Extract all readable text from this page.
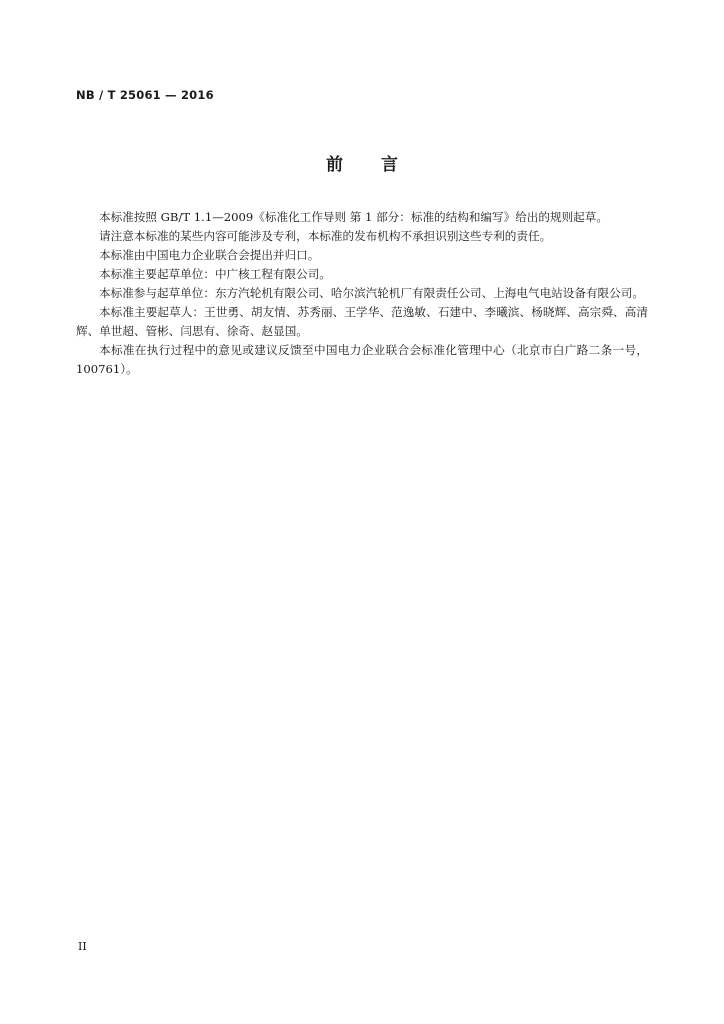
NB / T 25061 — 2016
前言

本标准按照 GB/T 1.1—2009《标准化工作导则 第 1 部分：标准的结构和编写》给出的规则起草。

请注意本标准的某些内容可能涉及专利，本标准的发布机构不承担识别这些专利的责任。

本标准由中国电力企业联合会提出并归口。

本标准主要起草单位：中广核工程有限公司。

本标准参与起草单位：东方汽轮机有限公司、哈尔滨汽轮机厂有限责任公司、上海电气电站设备有限公司。

本标准主要起草人：王世勇、胡友情、苏秀丽、王学华、范逸敏、石建中、李曦滨、杨晓辉、高宗舜、高清辉、单世超、管彬、闫思有、徐奇、赵显国。

本标准在执行过程中的意见或建议反馈至中国电力企业联合会标准化管理中心（北京市白广路二条一号，100761）。

II
